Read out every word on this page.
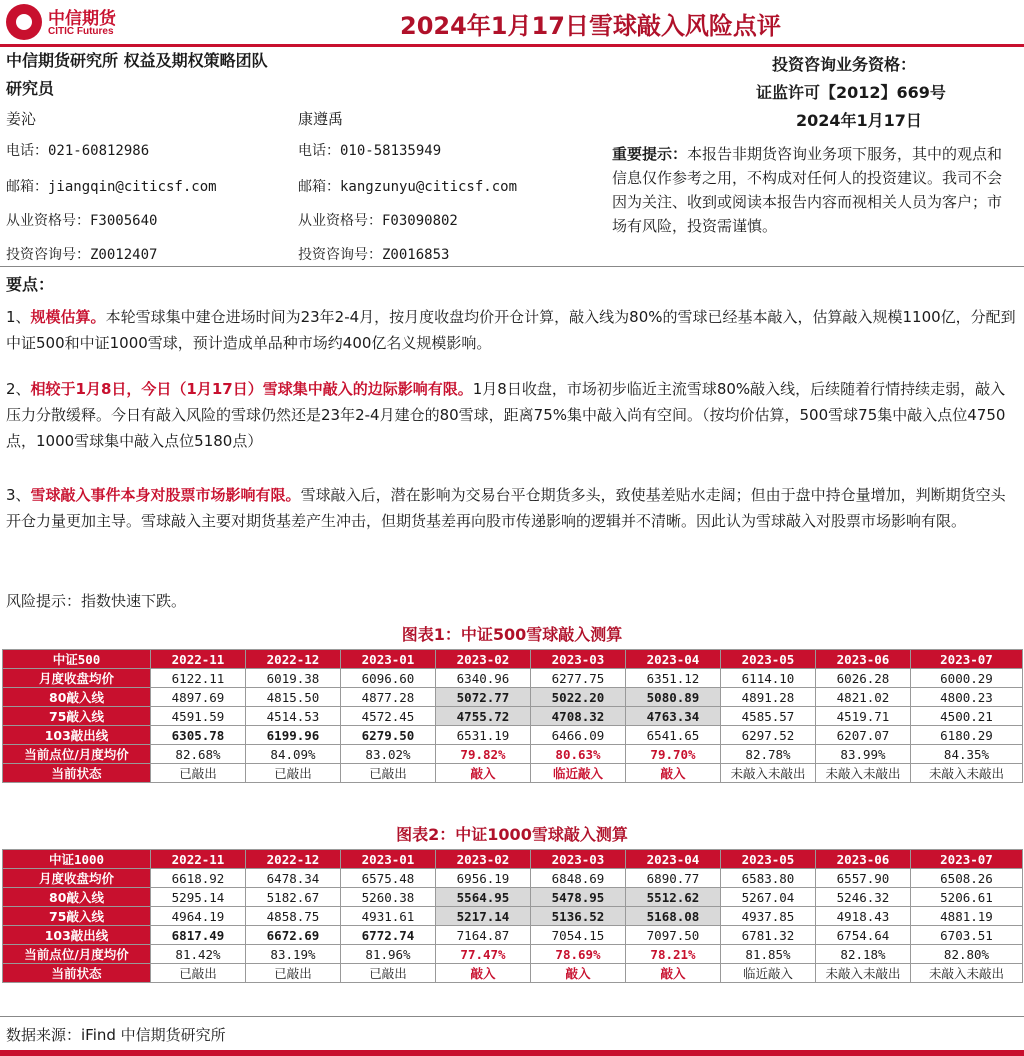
中信期货
CITIC Futures	2024年1月17日雪球敲入风险点评
中信期货研究所 权益及期权策略团队
研究员
姜沁
电话：021-60812986
邮箱：jiangqin@citicsf.com
从业资格号：F3005640
投资咨询号：Z0012407
康遵禹
电话：010-58135949
邮箱：kangzunyu@citicsf.com
从业资格号：F03090802
投资咨询号：Z0016853
投资咨询业务资格：
证监许可【2012】669号
2024年1月17日
重要提示：本报告非期货咨询业务项下服务，其中的观点和信息仅作参考之用，不构成对任何人的投资建议。我司不会因为关注、收到或阅读本报告内容而视相关人员为客户；市场有风险，投资需谨慎。
要点：
1、规模估算。本轮雪球集中建仓进场时间为23年2-4月，按月度收盘均价开仓计算，敲入线为80%的雪球已经基本敲入，估算敲入规模1100亿，分配到中证500和中证1000雪球，预计造成单品种市场约400亿名义规模影响。
2、相较于1月8日，今日（1月17日）雪球集中敲入的边际影响有限。1月8日收盘，市场初步临近主流雪球80%敲入线，后续随着行情持续走弱，敲入压力分散缓释。今日有敲入风险的雪球仍然还是23年2-4月建仓的80雪球，距离75%集中敲入尚有空间。（按均价估算，500雪球75集中敲入点位4750点，1000雪球集中敲入点位5180点）
3、雪球敲入事件本身对股票市场影响有限。雪球敲入后，潜在影响为交易台平仓期货多头，致使基差贴水走阔；但由于盘中持仓量增加，判断期货空头开仓力量更加主导。雪球敲入主要对期货基差产生冲击，但期货基差再向股市传递影响的逻辑并不清晰。因此认为雪球敲入对股票市场影响有限。
风险提示：指数快速下跌。
图表1：中证500雪球敲入测算
中证500	2022-11	2022-12	2023-01	2023-02	2023-03	2023-04	2023-05	2023-06	2023-07
月度收盘均价	6122.11	6019.38	6096.60	6340.96	6277.75	6351.12	6114.10	6026.28	6000.29
80敲入线	4897.69	4815.50	4877.28	5072.77	5022.20	5080.89	4891.28	4821.02	4800.23
75敲入线	4591.59	4514.53	4572.45	4755.72	4708.32	4763.34	4585.57	4519.71	4500.21
103敲出线	6305.78	6199.96	6279.50	6531.19	6466.09	6541.65	6297.52	6207.07	6180.29
当前点位/月度均价	82.68%	84.09%	83.02%	79.82%	80.63%	79.70%	82.78%	83.99%	84.35%
当前状态	已敲出	已敲出	已敲出	敲入	临近敲入	敲入	未敲入未敲出	未敲入未敲出	未敲入未敲出
图表2：中证1000雪球敲入测算
中证1000	2022-11	2022-12	2023-01	2023-02	2023-03	2023-04	2023-05	2023-06	2023-07
月度收盘均价	6618.92	6478.34	6575.48	6956.19	6848.69	6890.77	6583.80	6557.90	6508.26
80敲入线	5295.14	5182.67	5260.38	5564.95	5478.95	5512.62	5267.04	5246.32	5206.61
75敲入线	4964.19	4858.75	4931.61	5217.14	5136.52	5168.08	4937.85	4918.43	4881.19
103敲出线	6817.49	6672.69	6772.74	7164.87	7054.15	7097.50	6781.32	6754.64	6703.51
当前点位/月度均价	81.42%	83.19%	81.96%	77.47%	78.69%	78.21%	81.85%	82.18%	82.80%
当前状态	已敲出	已敲出	已敲出	敲入	敲入	敲入	临近敲入	未敲入未敲出	未敲入未敲出
数据来源：iFind 中信期货研究所
